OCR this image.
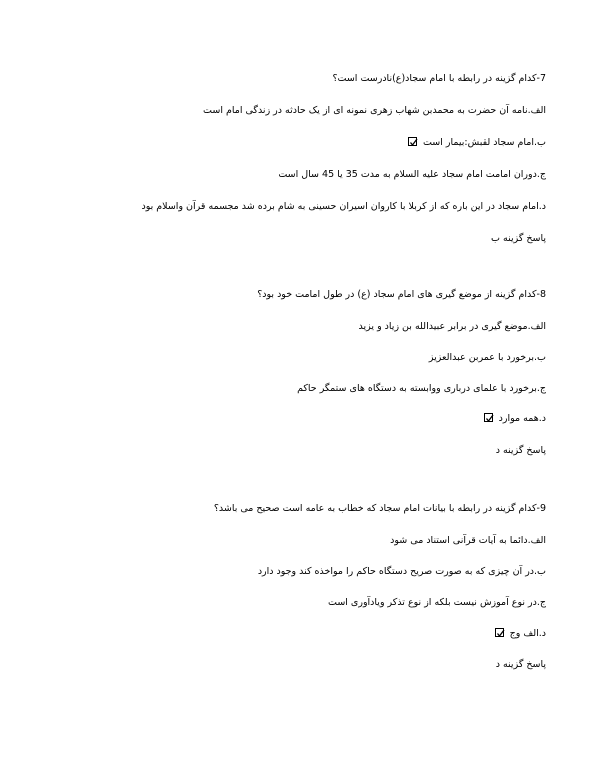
7-کدام گزینه در رابطه با امام سجاد(ع)نادرست است؟
الف.نامه آن حضرت به محمدبن شهاب زهری نمونه ای از یک حادثه در زندگی امام است
ب.امام سجاد لقبش:بیمار است
ج.دوران امامت امام سجاد علیه السلام به مدت 35 یا 45 سال است
د.امام سجاد در این باره که از کربلا با کاروان اسیران حسینی به شام برده شد مجسمه قرآن واسلام بود
پاسخ گزینه ب
8-کدام گزینه از موضع گیری های امام سجاد (ع) در طول امامت خود بود؟
الف.موضع گیری در برابر عبیدالله بن زیاد و یزید
ب.برخورد با عمربن عبدالعزیز
ج.برخورد با علمای درباری ووابسته به دستگاه های ستمگر حاکم
د.همه موارد
پاسخ گزینه د
9-کدام گزینه در رابطه با بیانات امام سجاد که خطاب به عامه است صحیح می باشد؟
الف.دائما به آیات قرآنی استناد می شود
ب.در آن چیزی که به صورت صریح دستگاه حاکم را مواخذه کند وجود دارد
ج.در نوع آموزش نیست بلکه از نوع تذکر ویادآوری است
د.الف وج
پاسخ گزینه د
